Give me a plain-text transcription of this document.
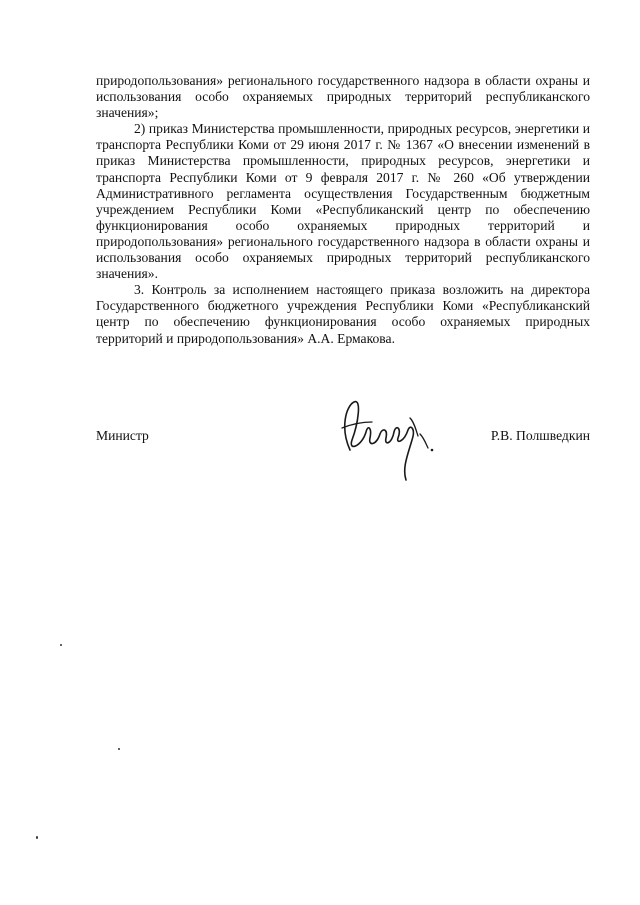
природопользования» регионального государственного надзора в области охраны и использования особо охраняемых природных территорий республиканского значения»;

2) приказ Министерства промышленности, природных ресурсов, энергетики и транспорта Республики Коми от 29 июня 2017 г. № 1367 «О внесении изменений в приказ Министерства промышленности, природных ресурсов, энергетики и транспорта Республики Коми от 9 февраля 2017 г. № 260 «Об утверждении Административного регламента осуществления Государственным бюджетным учреждением Республики Коми «Республиканский центр по обеспечению функционирования особо охраняемых природных территорий и природопользования» регионального государственного надзора в области охраны и использования особо охраняемых природных территорий республиканского значения».

3. Контроль за исполнением настоящего приказа возложить на директора Государственного бюджетного учреждения Республики Коми «Республиканский центр по обеспечению функционирования особо охраняемых природных территорий и природопользования» А.А. Ермакова.

Министр	Р.В. Полшведкин
